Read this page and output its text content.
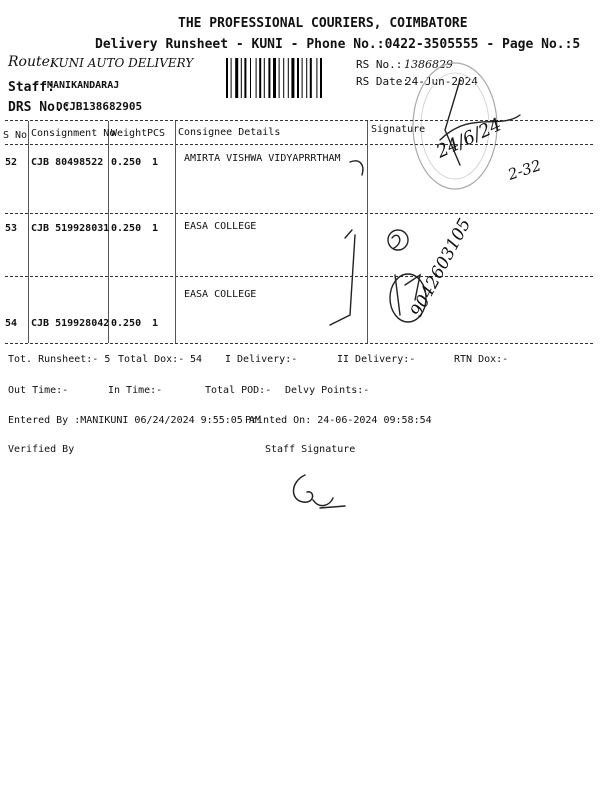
THE PROFESSIONAL COURIERS, COIMBATORE
Delivery Runsheet - KUNI - Phone No.:0422-3505555 - Page No.:5
Route:
KUNI AUTO DELIVERY
Staff:
MANIKANDARAJ
DRS No.:
DCJB138682905
RS No.: 1386829
RS Date:
24-Jun-2024
S No Consignment No
Weight PCS Consignee Details	Signature
52 CJB 80498522 0.250 1	AMIRTA VISHWA VIDYAPRRTHAM
53 CJB 519928031 0.250 1	EASA COLLEGE
54 CJB 519928042 0.250 1
EASA COLLEGE	9042603105
24/6/24
2-32
Tot. Runsheet:- 5 Total Dox:- 54 I Delivery:-	II Delivery:-	RTN Dox:-
Out Time:-	In Time:-	Total POD:- Delvy Points:-
Entered By :MANIKUNI 06/24/2024 9:55:05 AM
Printed On: 24-06-2024 09:58:54
Verified By	Staff Signature
